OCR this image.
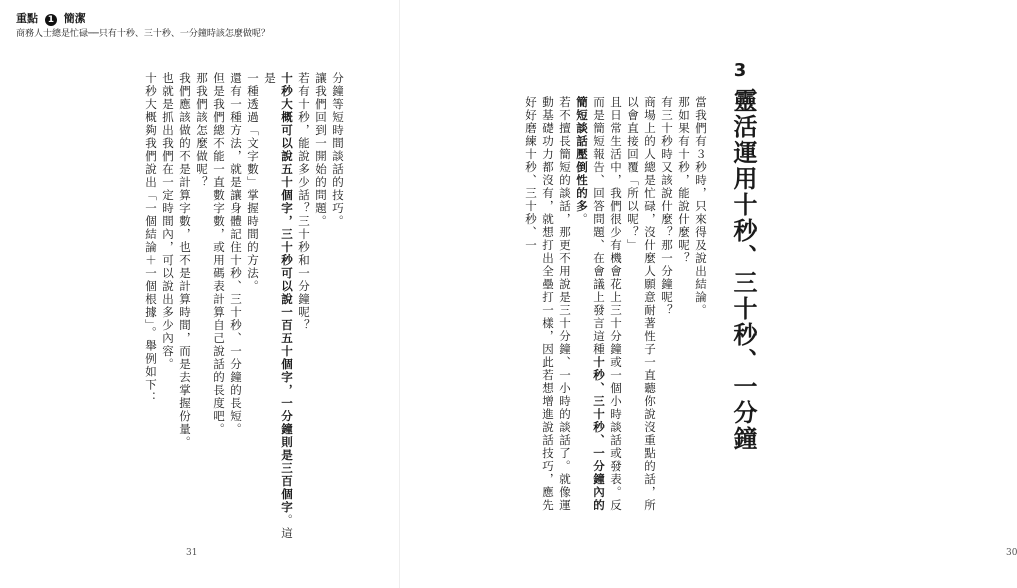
重點 1 簡潔
商務人士總是忙碌──只有十秒、三十秒、一分鐘時該怎麼做呢？

分鐘等短時間談話的技巧。

讓我們回到一開始的問題。

若有十秒，能說多少話？三十秒和一分鐘呢？

十秒大概可以說五十個字，三十秒可以說一百五十個字，一分鐘則是三百個字。這是

一種透過「文字數」掌握時間的方法。

還有一種方法，就是讓身體記住十秒、三十秒、一分鐘的長短。

但是我們總不能一直數字數，或用碼表計算自己說話的長度吧。

那我們該怎麼做呢？

我們應該做的不是計算字數，也不是計算時間，而是去掌握份量。

也就是抓出我們在一定時間內，可以說出多少內容。

十秒大概夠我們說出「一個結論＋一個根據」。舉例如下：

31

當我們有３秒時，只來得及說出結論。

那如果有十秒，能說什麼呢？

有三十秒時又該說什麼？那一分鐘呢？

商場上的人總是忙碌，沒什麼人願意耐著性子一直聽你說沒重點的話，所以會直接回覆「所以呢？」

且日常生活中，我們很少有機會花上三十分鐘或一個小時談話或發表。反而是簡短報告、回答問題、在會議上發言這種十秒、三十秒、一分鐘內的簡短談話壓倒性的多。

若不擅長簡短的談話，那更不用說是三十分鐘、一小時的談話了。就像運動基礎功力都沒有，就想打出全壘打一樣，因此若想增進說話技巧，應先好好磨練十秒、三十秒、一

30
3
靈活運用十秒、三十秒、一分鐘
